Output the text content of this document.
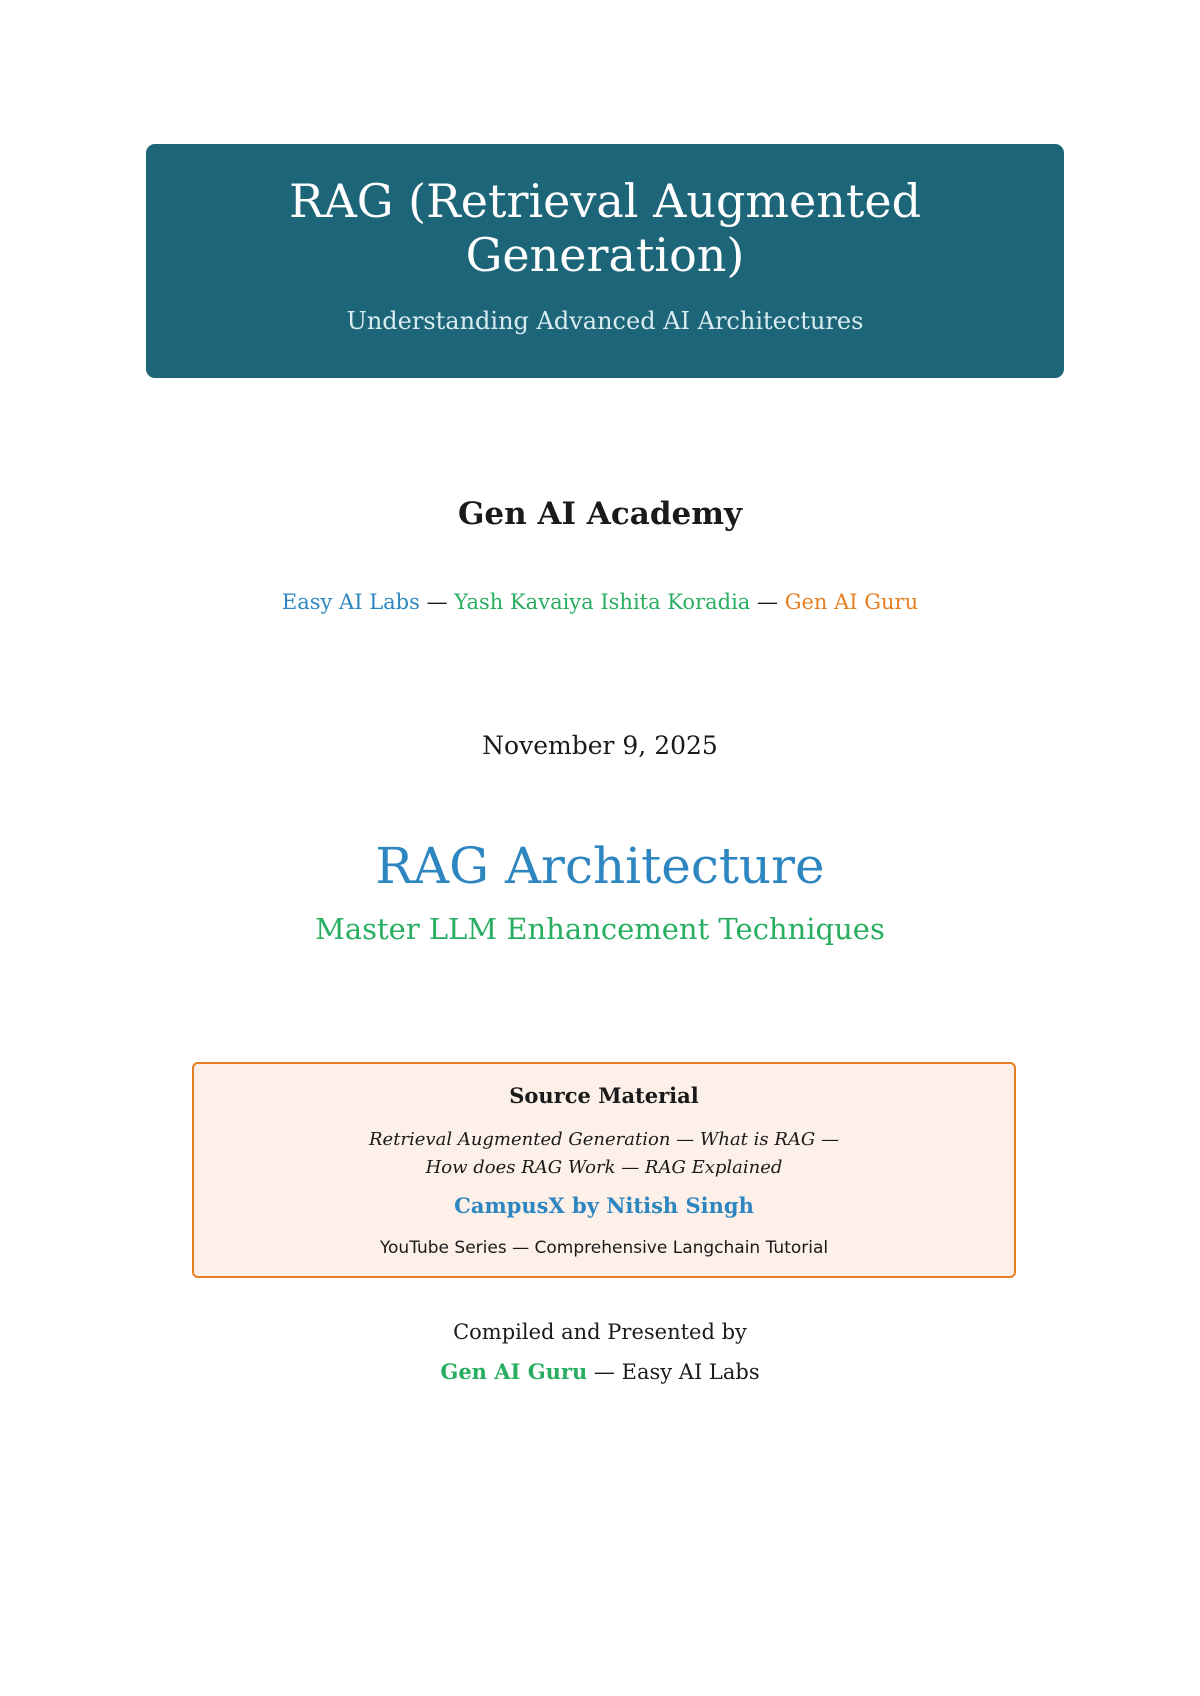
RAG (Retrieval Augmented Generation)
Understanding Advanced AI Architectures
Gen AI Academy
Easy AI Labs — Yash Kavaiya Ishita Koradia — Gen AI Guru
November 9, 2025
RAG Architecture
Master LLM Enhancement Techniques
Source Material
Retrieval Augmented Generation — What is RAG —
How does RAG Work — RAG Explained
CampusX by Nitish Singh
YouTube Series — Comprehensive Langchain Tutorial
Compiled and Presented by
Gen AI Guru — Easy AI Labs
